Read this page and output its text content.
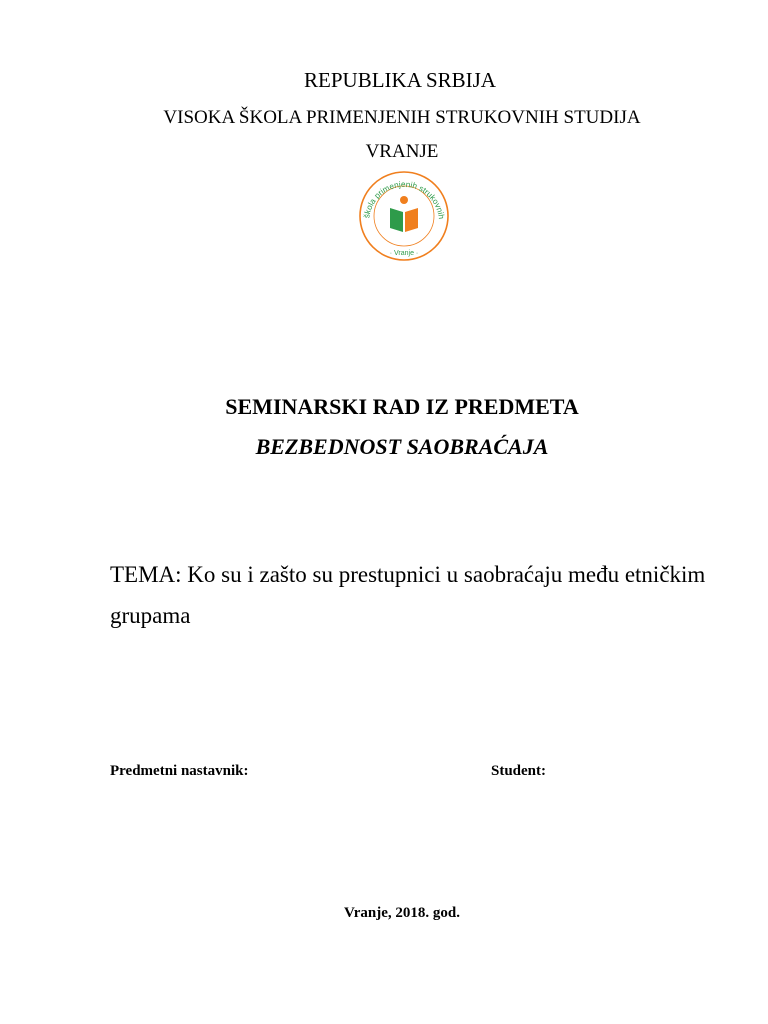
REPUBLIKA SRBIJA
VISOKA ŠKOLA PRIMENJENIH STRUKOVNIH STUDIJA
VRANJE
škola primenjenih strukovnih
· Vranje ·
SEMINARSKI RAD IZ PREDMETA
BEZBEDNOST SAOBRAĆAJA
TEMA: Ko su i zašto su prestupnici u saobraćaju među etničkim grupama
Predmetni nastavnik:	Student:
Vranje, 2018. god.
